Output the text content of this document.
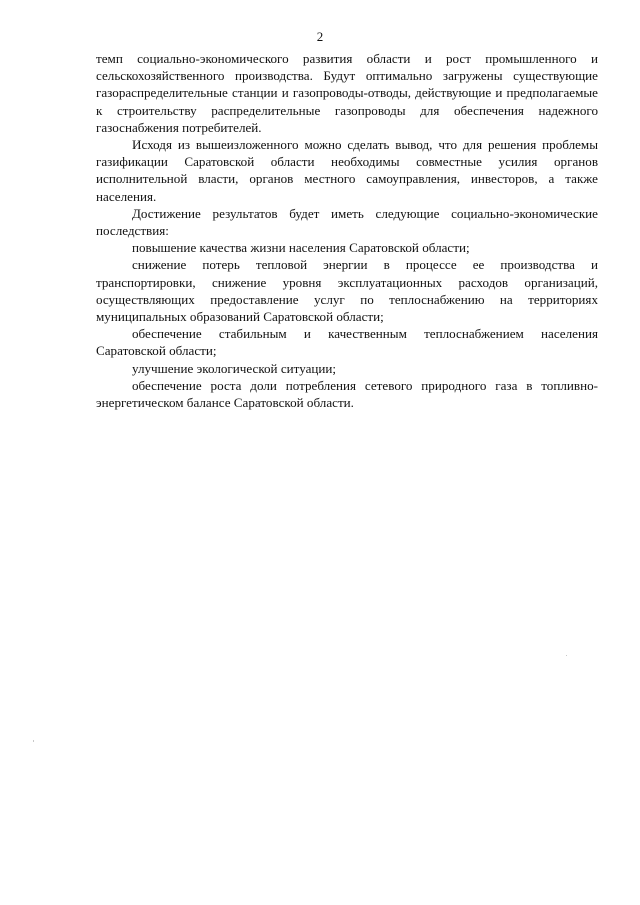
2

темп социально-экономического развития области и рост промышленного и сельскохозяйственного производства. Будут оптимально загружены существующие газораспределительные станции и газопроводы-отводы, действующие и предполагаемые к строительству распределительные газопроводы для обеспечения надежного газоснабжения потребителей.

Исходя из вышеизложенного можно сделать вывод, что для решения проблемы газификации Саратовской области необходимы совместные усилия органов исполнительной власти, органов местного самоуправления, инвесторов, а также населения.

Достижение результатов будет иметь следующие социально-экономические последствия:

повышение качества жизни населения Саратовской области;

снижение потерь тепловой энергии в процессе ее производства и транспортировки, снижение уровня эксплуатационных расходов организаций, осуществляющих предоставление услуг по теплоснабжению на территориях муниципальных образований Саратовской области;

обеспечение стабильным и качественным теплоснабжением населения Саратовской области;

улучшение экологической ситуации;

обеспечение роста доли потребления сетевого природного газа в топливно-энергетическом балансе Саратовской области.
